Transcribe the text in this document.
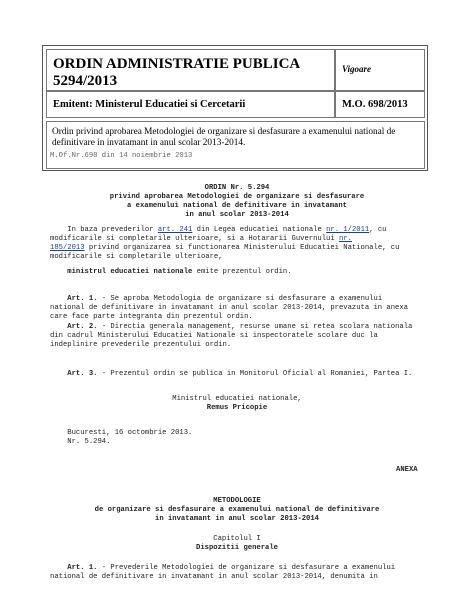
ORDIN ADMINISTRATIE PUBLICA
5294/2013
Vigoare
Emitent: Ministerul Educatiei si Cercetarii	M.O. 698/2013
Ordin privind aprobarea Metodologiei de organizare si desfasurare a examenului national de definitivare in invatamant in anul scolar 2013-2014.
M.Of.Nr.698 din 14 noiembrie 2013
ORDIN Nr. 5.294
privind aprobarea Metodologiei de organizare si desfasurare
a examenului national de definitivare in invatamant
in anul scolar 2013-2014
In baza prevederilor art. 241 din Legea educatiei nationale nr. 1/2011, cu
modificarile si completarile ulterioare, si a Hotararii Guvernului nr.
185/2013 privind organizarea si functionarea Ministerului Educatiei Nationale, cu
modificarile si completarile ulterioare,
ministrul educatiei nationale emite prezentul ordin.
Art. 1. - Se aproba Metodologia de organizare si desfasurare a examenului
national de definitivare in invatamant in anul scolar 2013-2014, prevazuta in anexa
care face parte integranta din prezentul ordin.
Art. 2. - Directia generala management, resurse umane si retea scolara nationala
din cadrul Ministerului Educatiei Nationale si inspectoratele scolare duc la
indeplinire prevederile prezentului ordin.
Art. 3. - Prezentul ordin se publica in Monitorul Oficial al Romaniei, Partea I.
Ministrul educatiei nationale,
Remus Pricopie
Bucuresti, 16 octombrie 2013.
Nr. 5.294.
ANEXA
METODOLOGIE
de organizare si desfasurare a examenului national de definitivare
in invatamant in anul scolar 2013-2014
Capitolul I
Dispozitii generale
Art. 1. - Prevederile Metodologiei de organizare si desfasurare a examenului
national de definitivare in invatamant in anul scolar 2013-2014, denumita in
